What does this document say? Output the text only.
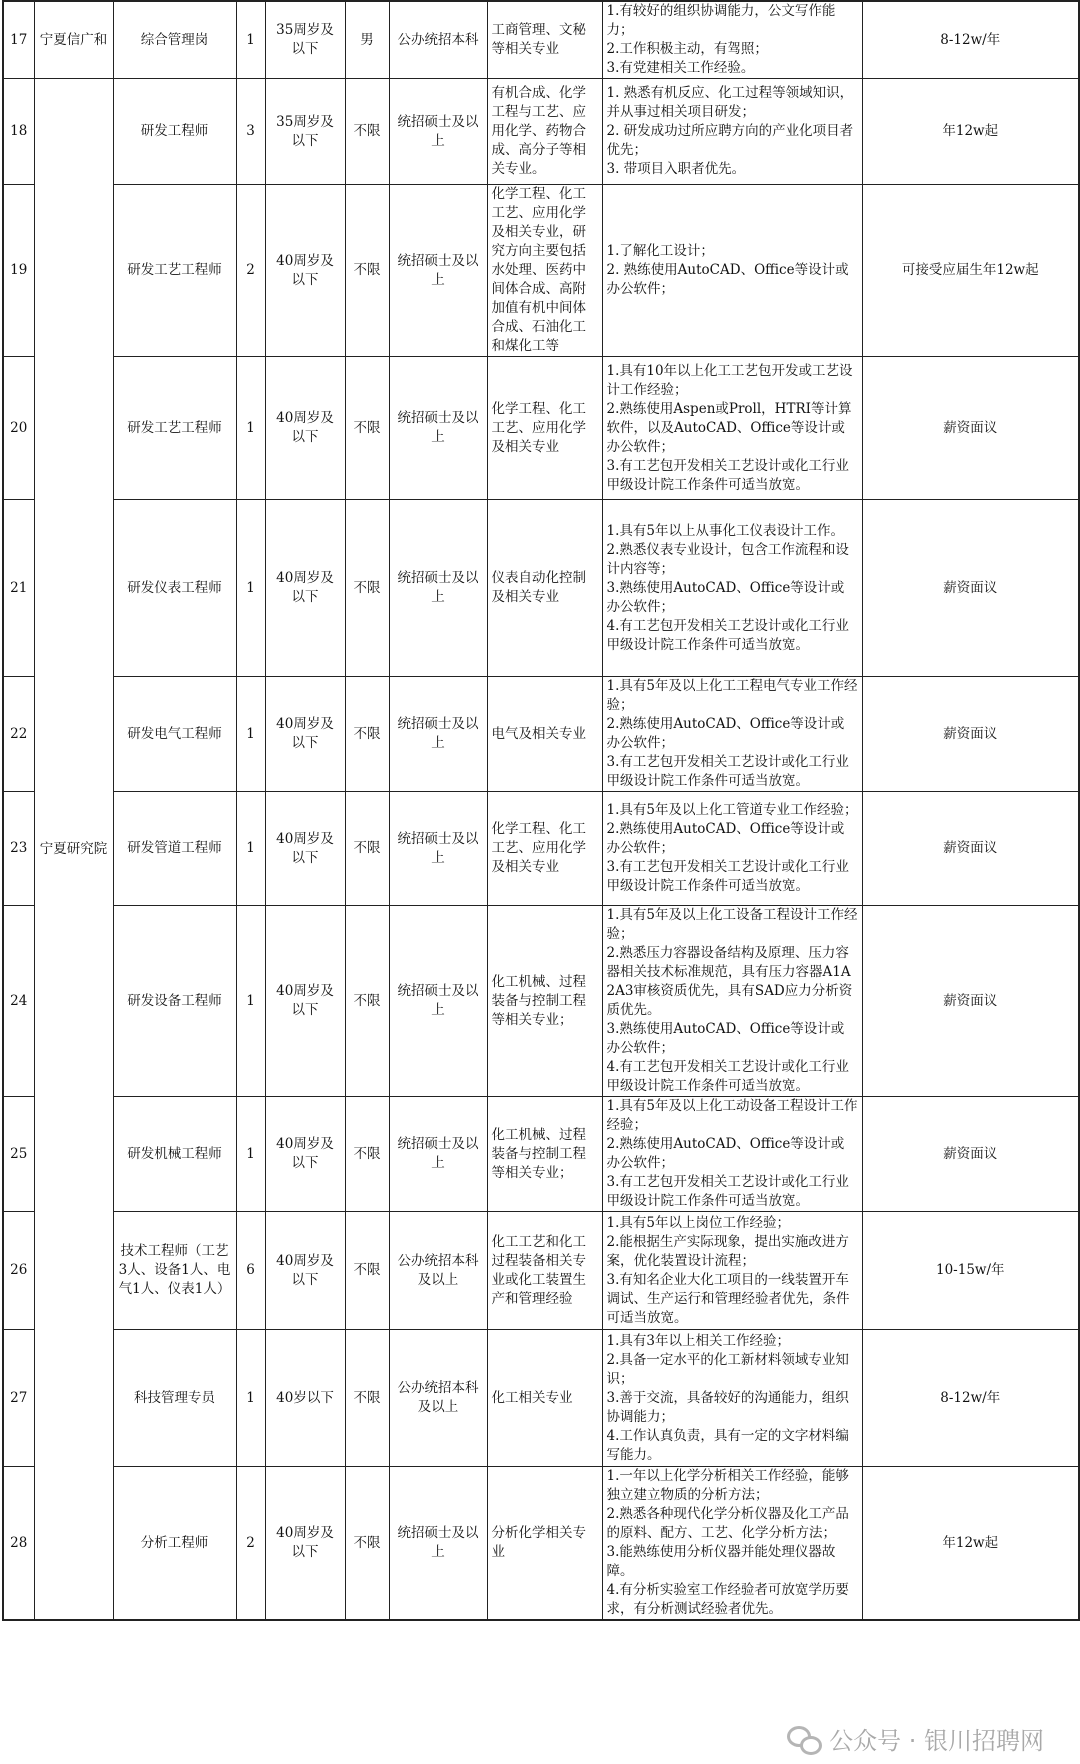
17	宁夏信广和	综合管理岗	1	35周岁及以下	男	公办统招本科	工商管理、文秘等相关专业	1.有较好的组织协调能力，公文写作能力；
2.工作积极主动，有驾照；
3.有党建相关工作经验。	8-12w/年
18	宁夏研究院	研发工程师	3	35周岁及以下	不限	统招硕士及以上	有机合成、化学工程与工艺、应用化学、药物合成、高分子等相关专业。	1. 熟悉有机反应、化工过程等领域知识，并从事过相关项目研发；
2. 研发成功过所应聘方向的产业化项目者优先；
3. 带项目入职者优先。	年12w起
19		研发工艺工程师	2	40周岁及以下	不限	统招硕士及以上	化学工程、化工工艺、应用化学及相关专业，研究方向主要包括水处理、医药中间体合成、高附加值有机中间体合成、石油化工和煤化工等	1.了解化工设计；
2. 熟练使用AutoCAD、Office等设计或办公软件；	可接受应届生年12w起
20		研发工艺工程师	1	40周岁及以下	不限	统招硕士及以上	化学工程、化工工艺、应用化学及相关专业	1.具有10年以上化工工艺包开发或工艺设计工作经验；
2.熟练使用Aspen或Proll，HTRI等计算软件，以及AutoCAD、Office等设计或办公软件；
3.有工艺包开发相关工艺设计或化工行业甲级设计院工作条件可适当放宽。	薪资面议
21		研发仪表工程师	1	40周岁及以下	不限	统招硕士及以上	仪表自动化控制及相关专业	1.具有5年以上从事化工仪表设计工作。
2.熟悉仪表专业设计，包含工作流程和设计内容等；
3.熟练使用AutoCAD、Office等设计或办公软件；
4.有工艺包开发相关工艺设计或化工行业甲级设计院工作条件可适当放宽。	薪资面议
22		研发电气工程师	1	40周岁及以下	不限	统招硕士及以上	电气及相关专业	1.具有5年及以上化工工程电气专业工作经验；
2.熟练使用AutoCAD、Office等设计或办公软件；
3.有工艺包开发相关工艺设计或化工行业甲级设计院工作条件可适当放宽。	薪资面议
23		研发管道工程师	1	40周岁及以下	不限	统招硕士及以上	化学工程、化工工艺、应用化学及相关专业	1.具有5年及以上化工管道专业工作经验；
2.熟练使用AutoCAD、Office等设计或办公软件；
3.有工艺包开发相关工艺设计或化工行业甲级设计院工作条件可适当放宽。	薪资面议
24		研发设备工程师	1	40周岁及以下	不限	统招硕士及以上	化工机械、过程装备与控制工程等相关专业；	1.具有5年及以上化工设备工程设计工作经验；
2.熟悉压力容器设备结构及原理、压力容器相关技术标准规范，具有压力容器A1A2A3审核资质优先，具有SAD应力分析资质优先。
3.熟练使用AutoCAD、Office等设计或办公软件；
4.有工艺包开发相关工艺设计或化工行业甲级设计院工作条件可适当放宽。	薪资面议
25		研发机械工程师	1	40周岁及以下	不限	统招硕士及以上	化工机械、过程装备与控制工程等相关专业；	1.具有5年及以上化工动设备工程设计工作经验；
2.熟练使用AutoCAD、Office等设计或办公软件；
3.有工艺包开发相关工艺设计或化工行业甲级设计院工作条件可适当放宽。	薪资面议
26		技术工程师（工艺3人、设备1人、电气1人、仪表1人）	6	40周岁及以下	不限	公办统招本科及以上	化工工艺和化工过程装备相关专业或化工装置生产和管理经验	1.具有5年以上岗位工作经验；
2.能根据生产实际现象，提出实施改进方案，优化装置设计流程；
3.有知名企业大化工项目的一线装置开车调试、生产运行和管理经验者优先，条件可适当放宽。	10-15w/年
27		科技管理专员	1	40岁以下	不限	公办统招本科及以上	化工相关专业	1.具有3年以上相关工作经验；
2.具备一定水平的化工新材料领域专业知识；
3.善于交流，具备较好的沟通能力，组织协调能力；
4.工作认真负责，具有一定的文字材料编写能力。	8-12w/年
28		分析工程师	2	40周岁及以下	不限	统招硕士及以上	分析化学相关专业	1.一年以上化学分析相关工作经验，能够独立建立物质的分析方法；
2.熟悉各种现代化学分析仪器及化工产品的原料、配方、工艺、化学分析方法；
3.能熟练使用分析仪器并能处理仪器故障。
4.有分析实验室工作经验者可放宽学历要求，有分析测试经验者优先。	年12w起
公众号 · 银川招聘网
